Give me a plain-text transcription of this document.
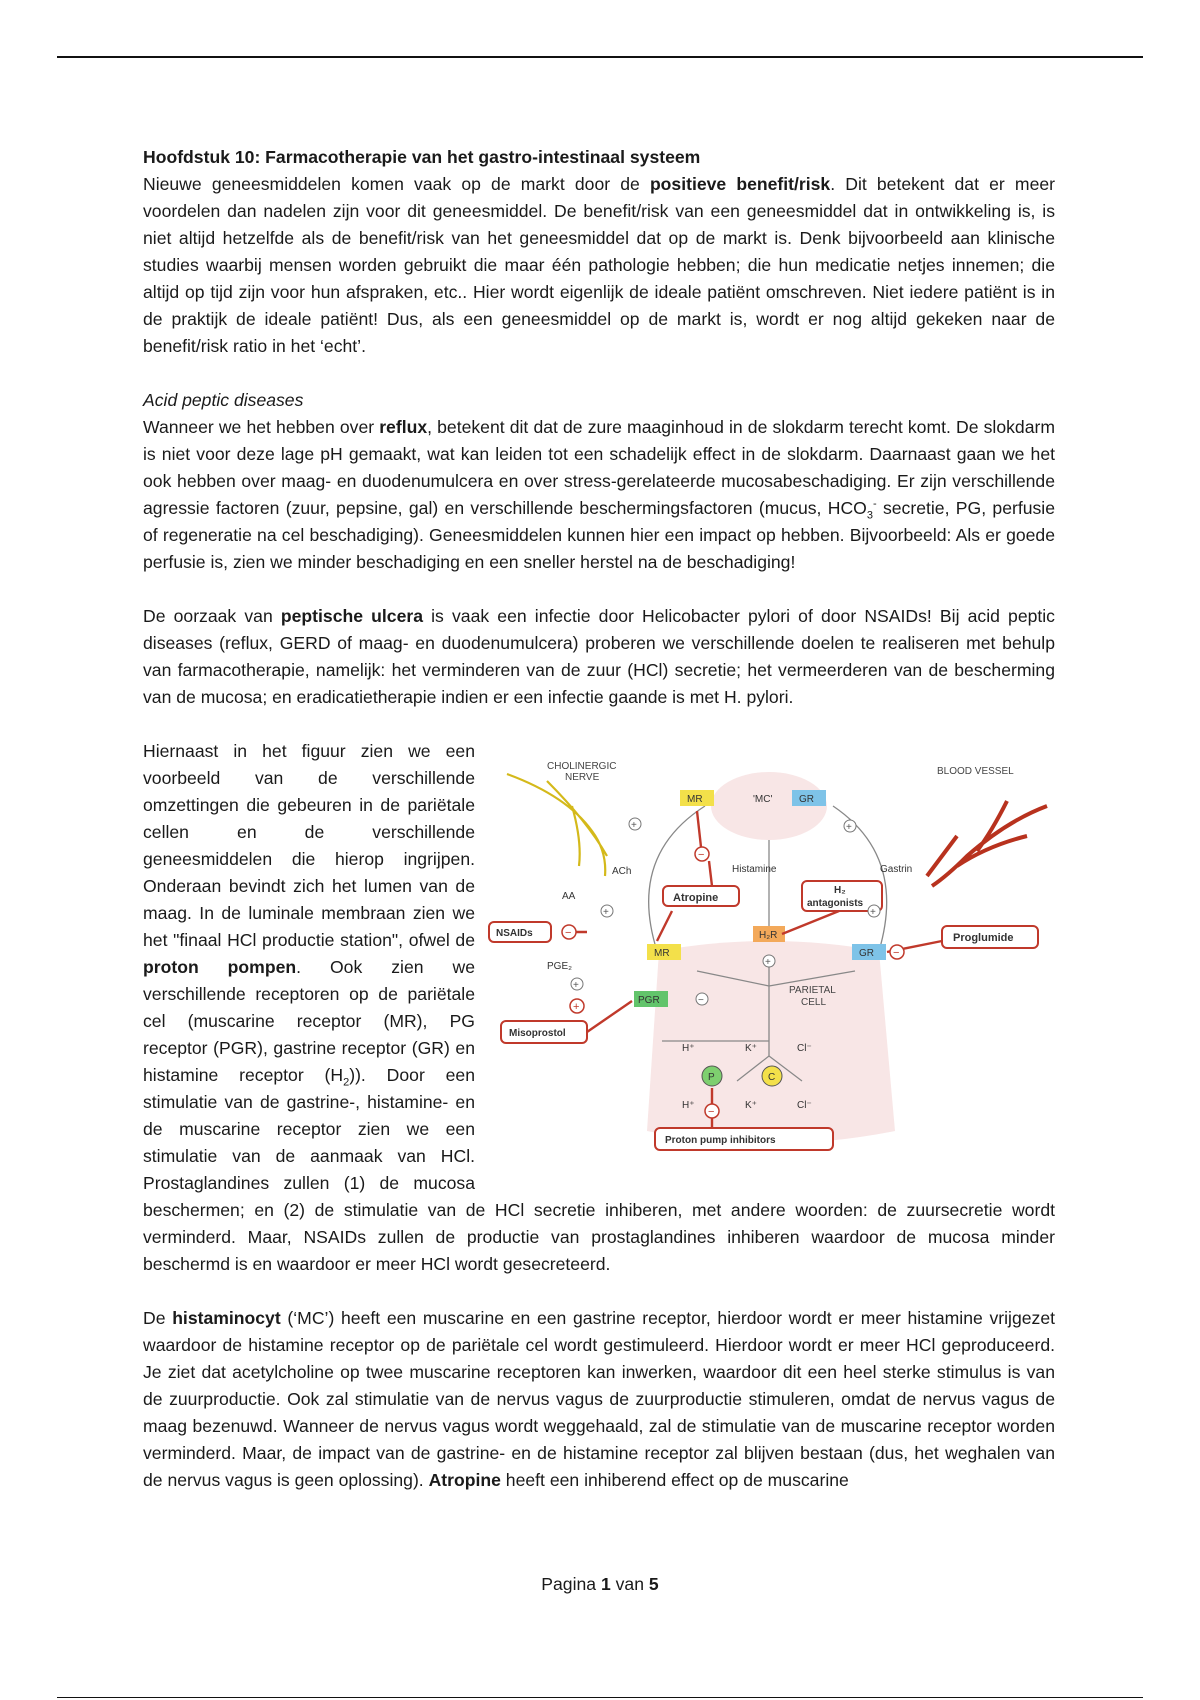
Hoofdstuk 10: Farmacotherapie van het gastro-intestinaal systeem

Nieuwe geneesmiddelen komen vaak op de markt door de positieve benefit/risk. Dit betekent dat er meer voordelen dan nadelen zijn voor dit geneesmiddel. De benefit/risk van een geneesmiddel dat in ontwikkeling is, is niet altijd hetzelfde als de benefit/risk van het geneesmiddel dat op de markt is. Denk bijvoorbeeld aan klinische studies waarbij mensen worden gebruikt die maar één pathologie hebben; die hun medicatie netjes innemen; die altijd op tijd zijn voor hun afspraken, etc.. Hier wordt eigenlijk de ideale patiënt omschreven. Niet iedere patiënt is in de praktijk de ideale patiënt! Dus, als een geneesmiddel op de markt is, wordt er nog altijd gekeken naar de benefit/risk ratio in het ‘echt’.

Acid peptic diseases

Wanneer we het hebben over reflux, betekent dit dat de zure maaginhoud in de slokdarm terecht komt. De slokdarm is niet voor deze lage pH gemaakt, wat kan leiden tot een schadelijk effect in de slokdarm. Daarnaast gaan we het ook hebben over maag- en duodenumulcera en over stress-gerelateerde mucosabeschadiging. Er zijn verschillende agressie factoren (zuur, pepsine, gal) en verschillende beschermingsfactoren (mucus, $HCO_3^-$ secretie, PG, perfusie of regeneratie na cel beschadiging). Geneesmiddelen kunnen hier een impact op hebben. Bijvoorbeeld: Als er goede perfusie is, zien we minder beschadiging en een sneller herstel na de beschadiging!

De oorzaak van peptische ulcera is vaak een infectie door Helicobacter pylori of door NSAIDs! Bij acid peptic diseases (reflux, GERD of maag- en duodenumulcera) proberen we verschillende doelen te realiseren met behulp van farmacotherapie, namelijk: het verminderen van de zuur (HCl) secretie; het vermeerderen van de bescherming van de mucosa; en eradicatietherapie indien er een infectie gaande is met H. pylori.

CHOLINERGIC
NERVE
BLOOD VESSEL
MR	'MC'	GR
ACh	Histamine	Gastrin
AA	Atropine
H₂
antagonists
NSAIDs	H₂R	Proglumide
MR	GR
PGE₂
PGR
PARIETAL
CELL
Misoprostol
H⁺	K⁺	Cl⁻
P	C
H⁺	K⁺	Cl⁻
Proton pump inhibitors
−
−
−
−
+
+
+
+
+
+
+
−

Hiernaast in het figuur zien we een voorbeeld van de verschillende omzettingen die gebeuren in de pariëtale cellen en de verschillende geneesmiddelen die hierop ingrijpen. Onderaan bevindt zich het lumen van de maag. In de luminale membraan zien we het "finaal HCl productie station", ofwel de proton pompen. Ook zien we verschillende receptoren op de pariëtale cel (muscarine receptor (MR), PG receptor (PGR), gastrine receptor (GR) en histamine receptor $(H_2)$). Door een stimulatie van de gastrine-, histamine- en de muscarine receptor zien we een stimulatie van de aanmaak van HCl. Prostaglandines zullen (1) de mucosa beschermen; en (2) de stimulatie van de HCl secretie inhiberen, met andere woorden: de zuursecretie wordt verminderd. Maar, NSAIDs zullen de productie van prostaglandines inhiberen waardoor de mucosa minder beschermd is en waardoor er meer HCl wordt gesecreteerd.

De histaminocyt (‘MC’) heeft een muscarine en een gastrine receptor, hierdoor wordt er meer histamine vrijgezet waardoor de histamine receptor op de pariëtale cel wordt gestimuleerd. Hierdoor wordt er meer HCl geproduceerd. Je ziet dat acetylcholine op twee muscarine receptoren kan inwerken, waardoor dit een heel sterke stimulus is van de zuurproductie. Ook zal stimulatie van de nervus vagus de zuurproductie stimuleren, omdat de nervus vagus de maag bezenuwd. Wanneer de nervus vagus wordt weggehaald, zal de stimulatie van de muscarine receptor worden verminderd. Maar, de impact van de gastrine- en de histamine receptor zal blijven bestaan (dus, het weghalen van de nervus vagus is geen oplossing). Atropine heeft een inhiberend effect op de muscarine

Pagina 1 van 5
